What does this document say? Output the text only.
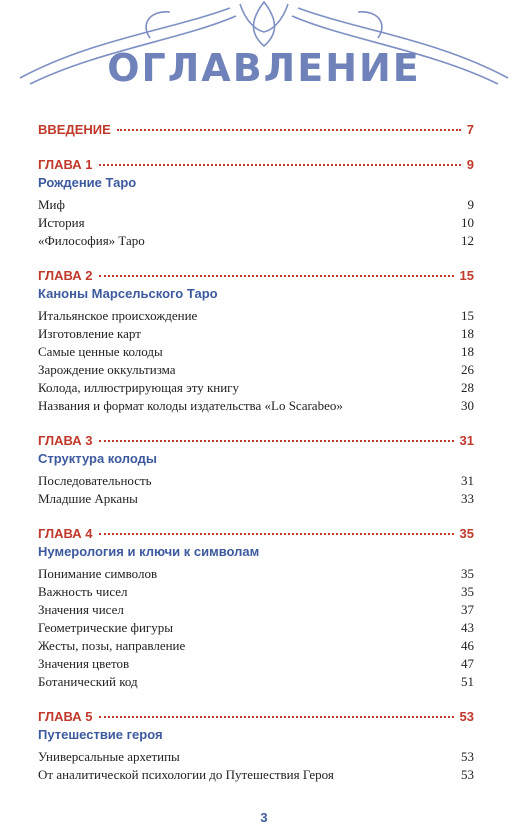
ОГЛАВЛЕНИЕ
ВВЕДЕНИЕ	7
ГЛАВА 1	9
Рождение Таро
Миф	9
История	10
«Философия» Таро	12
ГЛАВА 2	15
Каноны Марсельского Таро
Итальянское происхождение	15
Изготовление карт	18
Самые ценные колоды	18
Зарождение оккультизма	26
Колода, иллюстрирующая эту книгу	28
Названия и формат колоды издательства «Lo Scarabeo»	30
ГЛАВА 3	31
Структура колоды
Последовательность	31
Младшие Арканы	33
ГЛАВА 4	35
Нумерология и ключи к символам
Понимание символов	35
Важность чисел	35
Значения чисел	37
Геометрические фигуры	43
Жесты, позы, направление	46
Значения цветов	47
Ботанический код	51
ГЛАВА 5	53
Путешествие героя
Универсальные архетипы	53
От аналитической психологии до Путешествия Героя	53
3
